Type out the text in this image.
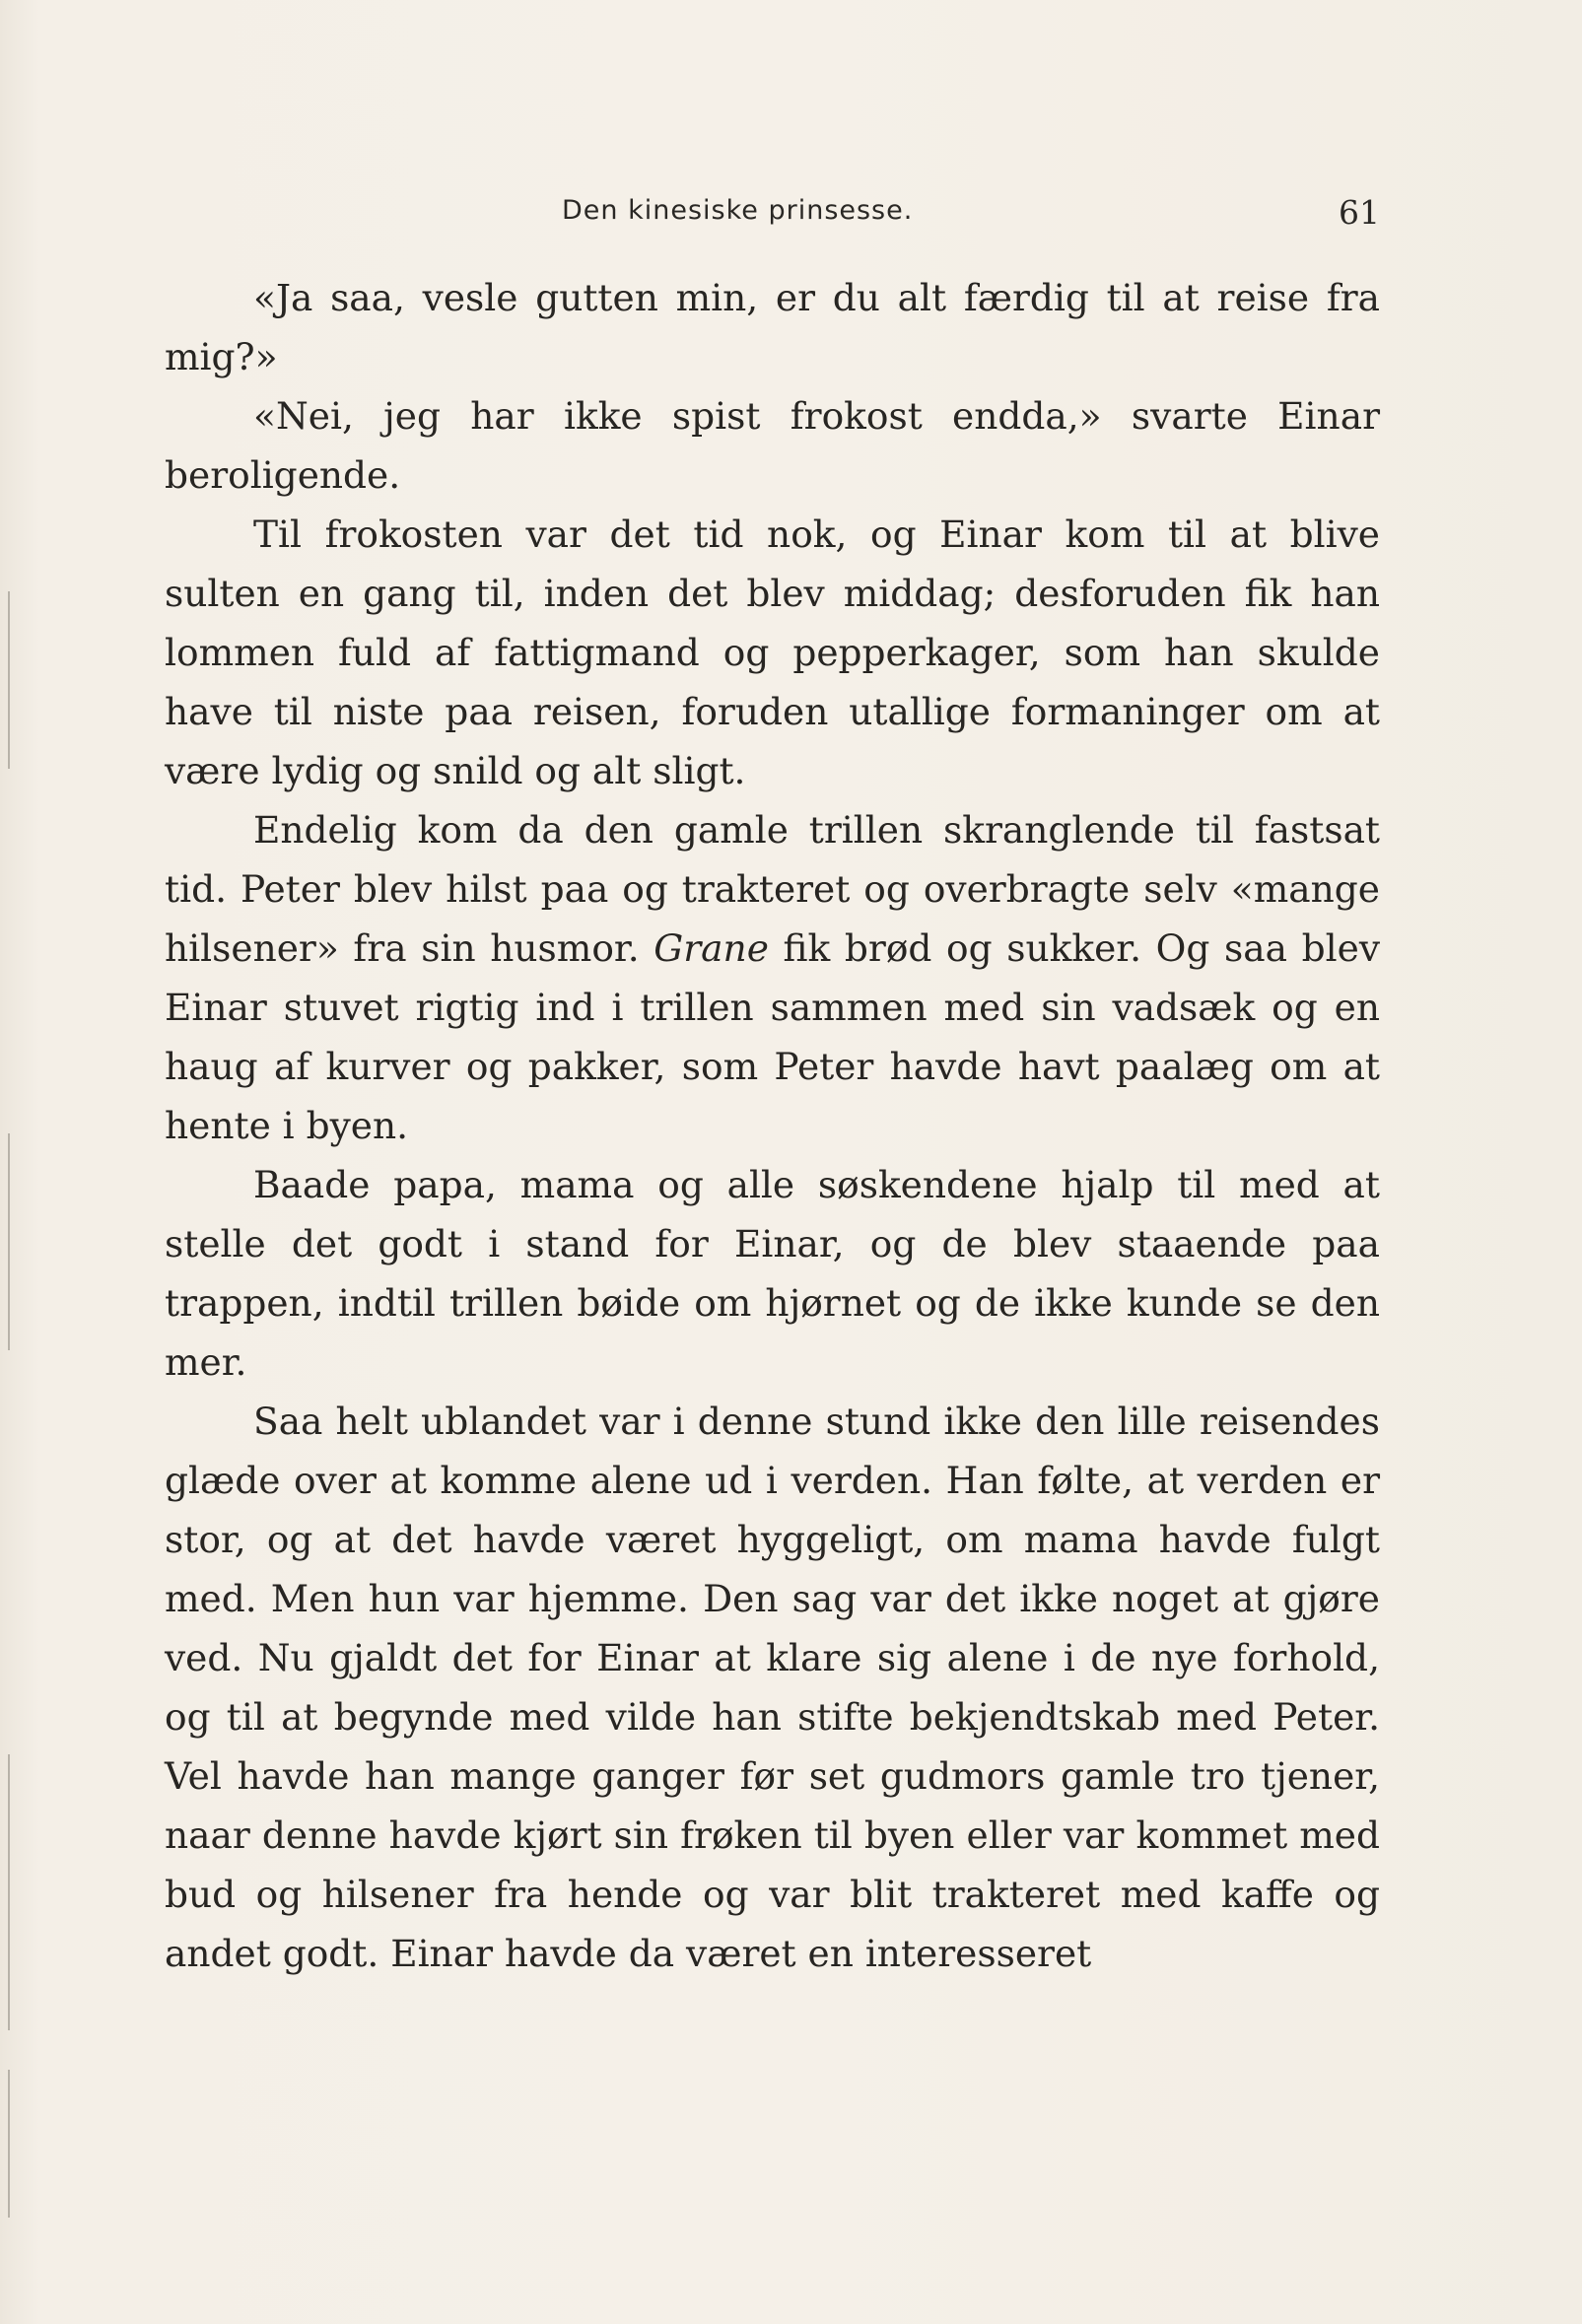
Den kinesiske prinsesse.	61

«Ja saa, vesle gutten min, er du alt færdig til at reise fra mig?»

«Nei, jeg har ikke spist frokost endda,» svarte Einar beroligende.

Til frokosten var det tid nok, og Einar kom til at blive sulten en gang til, inden det blev middag; desforuden fik han lommen fuld af fattigmand og pepperkager, som han skulde have til niste paa reisen, foruden utallige formaninger om at være lydig og snild og alt sligt.

Endelig kom da den gamle trillen skranglende til fastsat tid. Peter blev hilst paa og trakteret og overbragte selv «mange hilsener» fra sin husmor. Grane fik brød og sukker. Og saa blev Einar stuvet rigtig ind i trillen sammen med sin vadsæk og en haug af kurver og pakker, som Peter havde havt paalæg om at hente i byen.

Baade papa, mama og alle søskendene hjalp til med at stelle det godt i stand for Einar, og de blev staaende paa trappen, indtil trillen bøide om hjørnet og de ikke kunde se den mer.

Saa helt ublandet var i denne stund ikke den lille reisendes glæde over at komme alene ud i verden. Han følte, at verden er stor, og at det havde været hyggeligt, om mama havde fulgt med. Men hun var hjemme. Den sag var det ikke noget at gjøre ved. Nu gjaldt det for Einar at klare sig alene i de nye forhold, og til at begynde med vilde han stifte bekjendtskab med Peter. Vel havde han mange ganger før set gudmors gamle tro tjener, naar denne havde kjørt sin frøken til byen eller var kommet med bud og hilsener fra hende og var blit trakteret med kaffe og andet godt. Einar havde da været en interesseret
